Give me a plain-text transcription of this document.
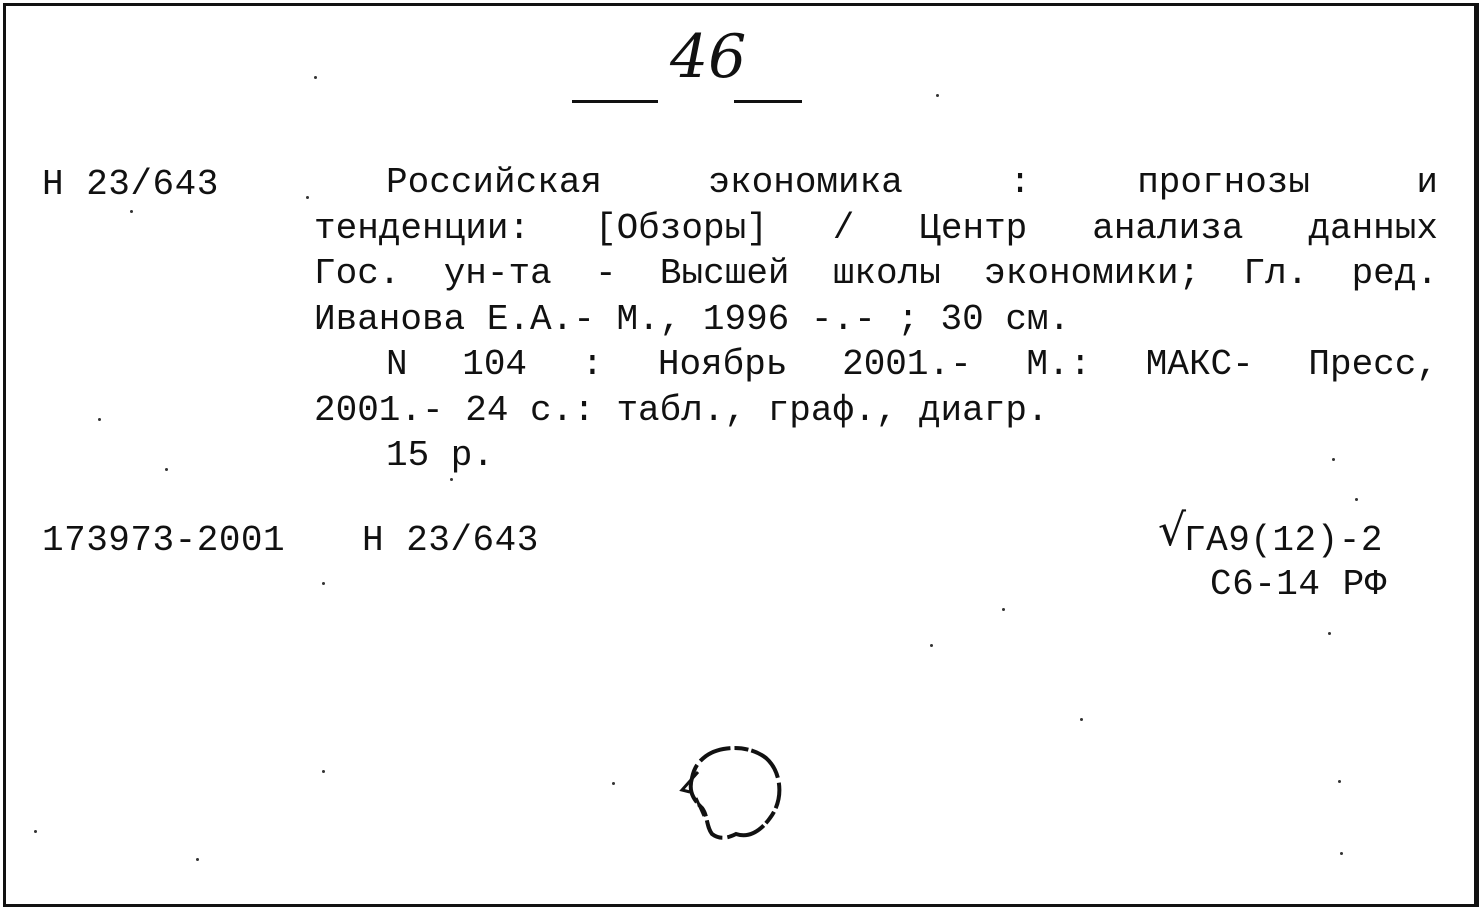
46
Н 23/643	Российская экономика : прогнозы и
тенденции: [Обзоры] / Центр анализа данных
Гос. ун-та - Высшей школы экономики; Гл. ред.
Иванова Е.А.- М., 1996 -.- ; 30 см.
N 104 : Ноябрь 2001.- М.: МАКС- Пресс,
2001.- 24 с.: табл., граф., диагр.
15 р.
173973-2001 Н 23/643	√
ГА9(12)-2
С6-14 РФ
